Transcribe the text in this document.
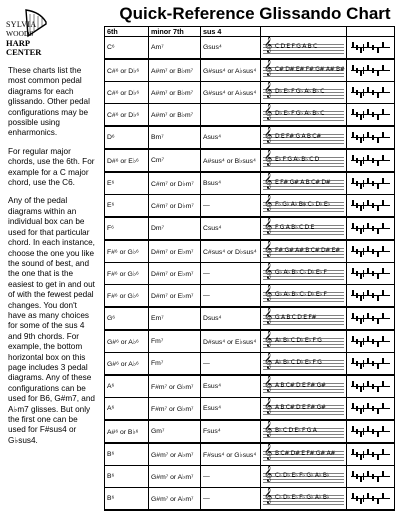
SYLVIA
WOODS
HARP
CENTER
Quick-Reference Glissando Chart

These charts list the most common pedal diagrams for each glissando. Other pedal configurations may be possible using enharmonics.

For regular major chords, use the 6th. For example for a C major chord, use the C6.

Any of the pedal diagrams within an individual box can be used for that particular chord. In each instance, choose the one you like the sound of best, and the one that is the easiest to get in and out of with the fewest pedal changes. You don't have as many choices for some of the sus 4 and 9th chords. For example, the bottom horizontal box on this page includes 3 pedal diagrams. Any of these configurations can be used for B6, G#m7, and A♭m7 glisses. But only the first one can be used for F#sus4 or G♭sus4.

6th	minor 7th	sus 4		
C⁶	Am⁷	Gsus⁴	𝄞 C D E F G A B C	

C#⁶ or D♭⁶	A#m⁷ or B♭m⁷	G#sus⁴ or A♭sus⁴	𝄞 C# D# E# F# G# A# B#	

C#⁶ or D♭⁶	A#m⁷ or B♭m⁷	G#sus⁴ or A♭sus⁴	𝄞 D♭ E♭ F G♭ A♭ B♭ C	

C#⁶ or D♭⁶	A#m⁷ or B♭m⁷		𝄞 D♭ E♭ F G♭ A♭ B♭ C	

D⁶	Bm⁷	Asus⁴	𝄞 D E F# G A B C#	

D#⁶ or E♭⁶	Cm⁷	A#sus⁴ or B♭sus⁴	𝄞 E♭ F G A♭ B♭ C D	

E⁶	C#m⁷ or D♭m⁷	Bsus⁴	𝄞 E F# G# A B C# D#	

E⁶	C#m⁷ or D♭m⁷	—	𝄞 F♭ G♭ A♭ B𝄫 C♭ D♭ E♭	

F⁶	Dm⁷	Csus⁴	𝄞 F G A B♭ C D E	

F#⁶ or G♭⁶	D#m⁷ or E♭m⁷	C#sus⁴ or D♭sus⁴	𝄞 F# G# A# B C# D# E#	

F#⁶ or G♭⁶	D#m⁷ or E♭m⁷	—	𝄞 G♭ A♭ B♭ C♭ D♭ E♭ F	

F#⁶ or G♭⁶	D#m⁷ or E♭m⁷	—	𝄞 G♭ A♭ B♭ C♭ D♭ E♭ F	

G⁶	Em⁷	Dsus⁴	𝄞 G A B C D E F#	

G#⁶ or A♭⁶	Fm⁷	D#sus⁴ or E♭sus⁴	𝄞 A♭ B♭ C D♭ E♭ F G	

G#⁶ or A♭⁶	Fm⁷	—	𝄞 A♭ B♭ C D♭ E♭ F G	

A⁶	F#m⁷ or G♭m⁷	Esus⁴	𝄞 A B C# D E F# G#	

A⁶	F#m⁷ or G♭m⁷	Esus⁴	𝄞 A B C# D E F# G#	

A#⁶ or B♭⁶	Gm⁷	Fsus⁴	𝄞 B♭ C D E♭ F G A	

B⁶	G#m⁷ or A♭m⁷	F#sus⁴ or G♭sus⁴	𝄞 B C# D# E F# G# A#	

B⁶	G#m⁷ or A♭m⁷	—	𝄞 C♭ D♭ E♭ F♭ G♭ A♭ B♭	

B⁶	G#m⁷ or A♭m⁷	—	𝄞 C♭ D♭ E♭ F♭ G♭ A♭ B♭	
